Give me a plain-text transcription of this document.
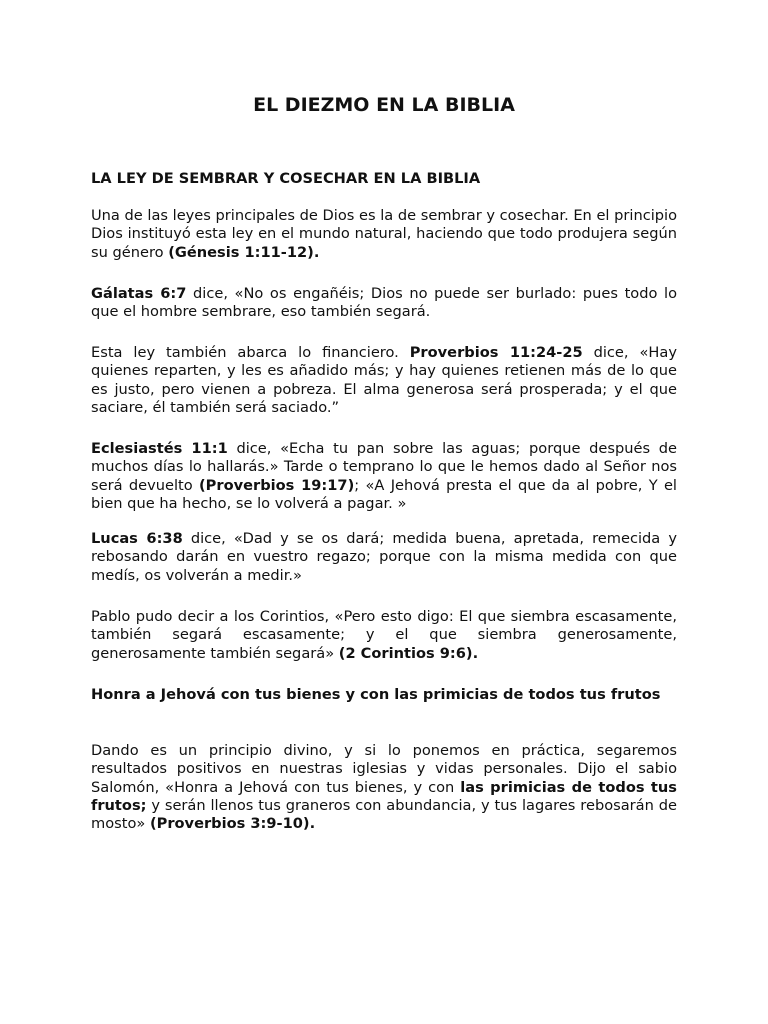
EL DIEZMO EN LA BIBLIA
LA LEY DE SEMBRAR Y COSECHAR EN LA BIBLIA

Una de las leyes principales de Dios es la de sembrar y cosechar. En el principio Dios instituyó esta ley en el mundo natural, haciendo que todo produjera según su género (Génesis 1:11-12).

Gálatas 6:7 dice, «No os engañéis; Dios no puede ser burlado: pues todo lo que el hombre sembrare, eso también segará.

Esta ley también abarca lo financiero. Proverbios 11:24-25 dice, «Hay quienes reparten, y les es añadido más; y hay quienes retienen más de lo que es justo, pero vienen a pobreza. El alma generosa será prosperada; y el que saciare, él también será saciado.”

Eclesiastés 11:1 dice, «Echa tu pan sobre las aguas; porque después de muchos días lo hallarás.» Tarde o temprano lo que le hemos dado al Señor nos será devuelto (Proverbios 19:17); «A Jehová presta el que da al pobre, Y el bien que ha hecho, se lo volverá a pagar. »

Lucas 6:38 dice, «Dad y se os dará; medida buena, apretada, remecida y rebosando darán en vuestro regazo; porque con la misma medida con que medís, os volverán a medir.»

Pablo pudo decir a los Corintios, «Pero esto digo: El que siembra escasamente, también segará escasamente; y el que siembra generosamente, generosamente también segará» (2 Corintios 9:6).

Honra a Jehová con tus bienes y con las primicias de todos tus frutos

Dando es un principio divino, y si lo ponemos en práctica, segaremos resultados positivos en nuestras iglesias y vidas personales. Dijo el sabio Salomón, «Honra a Jehová con tus bienes, y con las primicias de todos tus frutos; y serán llenos tus graneros con abundancia, y tus lagares rebosarán de mosto» (Proverbios 3:9-10).
